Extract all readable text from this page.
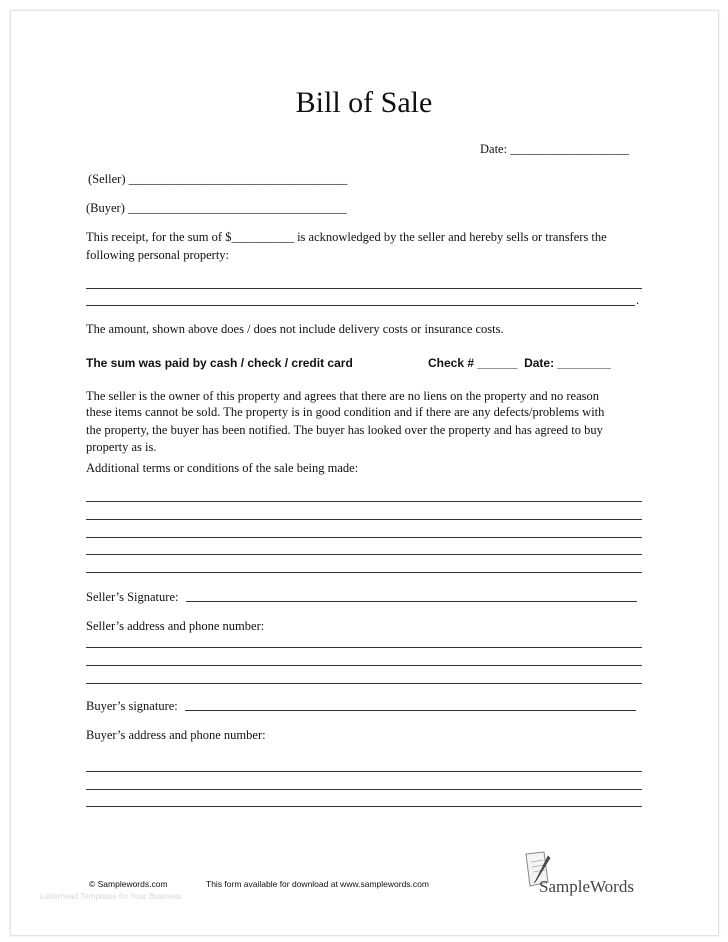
Bill of Sale
Date: ___________________
(Seller) ___________________________________
(Buyer) ___________________________________
This receipt, for the sum of $__________ is acknowledged by the seller and hereby sells or transfers the
following personal property:
.
The amount, shown above does / does not include delivery costs or insurance costs.
The sum was paid by cash / check / credit card	Check # ______  Date: ________
The seller is the owner of this property and agrees that there are no liens on the property and no reason
these items cannot be sold. The property is in good condition and if there are any defects/problems with
the property, the buyer has been notified. The buyer has looked over the property and has agreed to buy
property as is.
Additional terms or conditions of the sale being made:
Seller’s Signature:
Seller’s address and phone number:
Buyer’s signature:
Buyer’s address and phone number:
© Samplewords.com	This form available for download at www.samplewords.com
Letterhead Templates for Your Business
SampleWords
